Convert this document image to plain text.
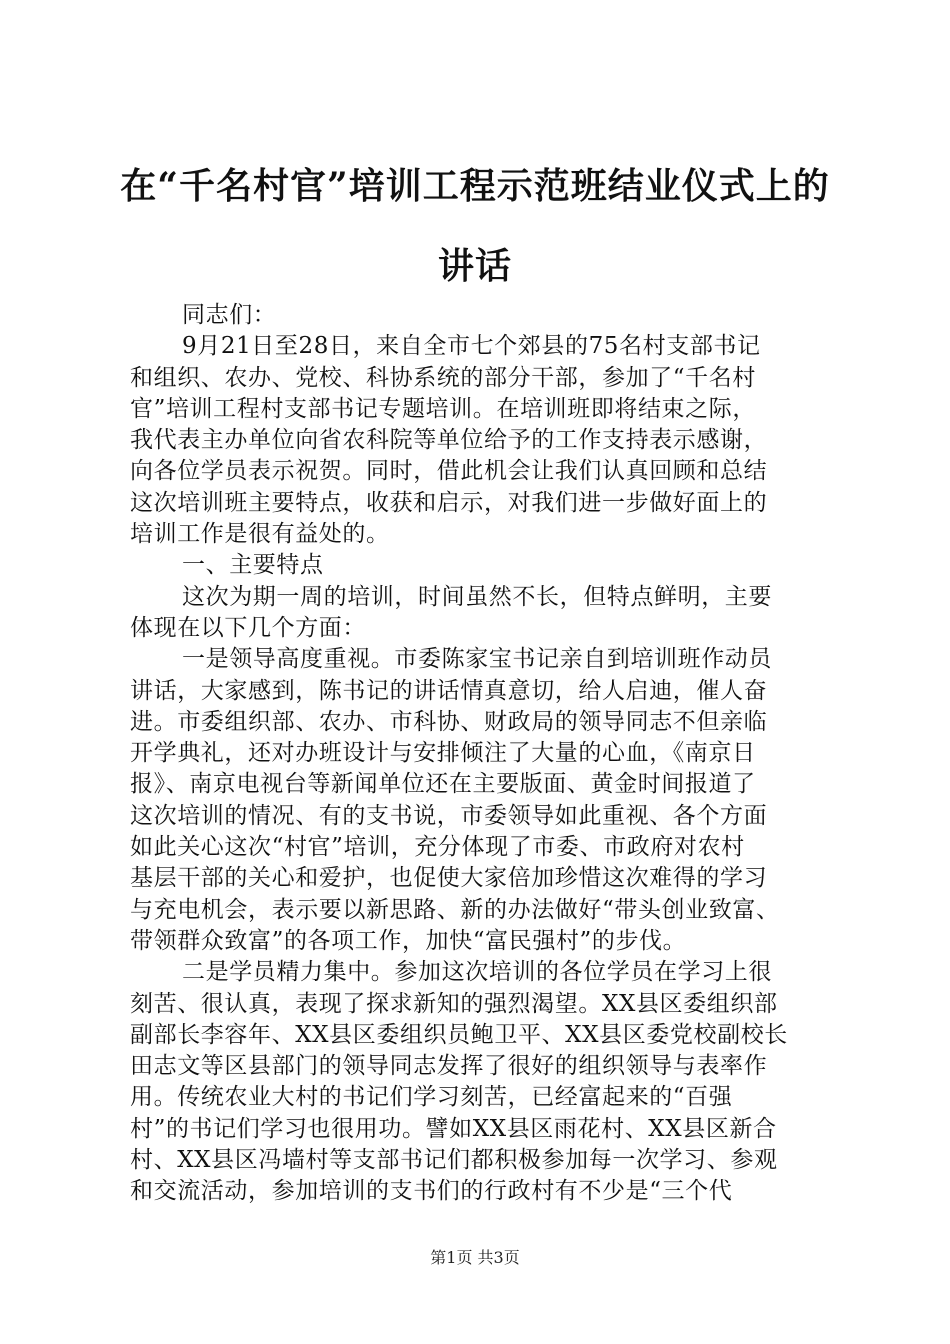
在“千名村官”培训工程示范班结业仪式上的
讲话
同志们：
9月21日至28日，来自全市七个郊县的75名村支部书记
和组织、农办、党校、科协系统的部分干部，参加了“千名村
官”培训工程村支部书记专题培训。在培训班即将结束之际，
我代表主办单位向省农科院等单位给予的工作支持表示感谢，
向各位学员表示祝贺。同时，借此机会让我们认真回顾和总结
这次培训班主要特点，收获和启示，对我们进一步做好面上的
培训工作是很有益处的。
一、主要特点
这次为期一周的培训，时间虽然不长，但特点鲜明，主要
体现在以下几个方面：
一是领导高度重视。市委陈家宝书记亲自到培训班作动员
讲话，大家感到，陈书记的讲话情真意切，给人启迪，催人奋
进。市委组织部、农办、市科协、财政局的领导同志不但亲临
开学典礼，还对办班设计与安排倾注了大量的心血，《南京日
报》、南京电视台等新闻单位还在主要版面、黄金时间报道了
这次培训的情况、有的支书说，市委领导如此重视、各个方面
如此关心这次“村官”培训，充分体现了市委、市政府对农村
基层干部的关心和爱护，也促使大家倍加珍惜这次难得的学习
与充电机会，表示要以新思路、新的办法做好“带头创业致富、
带领群众致富”的各项工作，加快“富民强村”的步伐。
二是学员精力集中。参加这次培训的各位学员在学习上很
刻苦、很认真，表现了探求新知的强烈渴望。XX县区委组织部
副部长李容年、XX县区委组织员鲍卫平、XX县区委党校副校长
田志文等区县部门的领导同志发挥了很好的组织领导与表率作
用。传统农业大村的书记们学习刻苦，已经富起来的“百强
村”的书记们学习也很用功。譬如XX县区雨花村、XX县区新合
村、XX县区冯墙村等支部书记们都积极参加每一次学习、参观
和交流活动，参加培训的支书们的行政村有不少是“三个代
第1页 共3页
